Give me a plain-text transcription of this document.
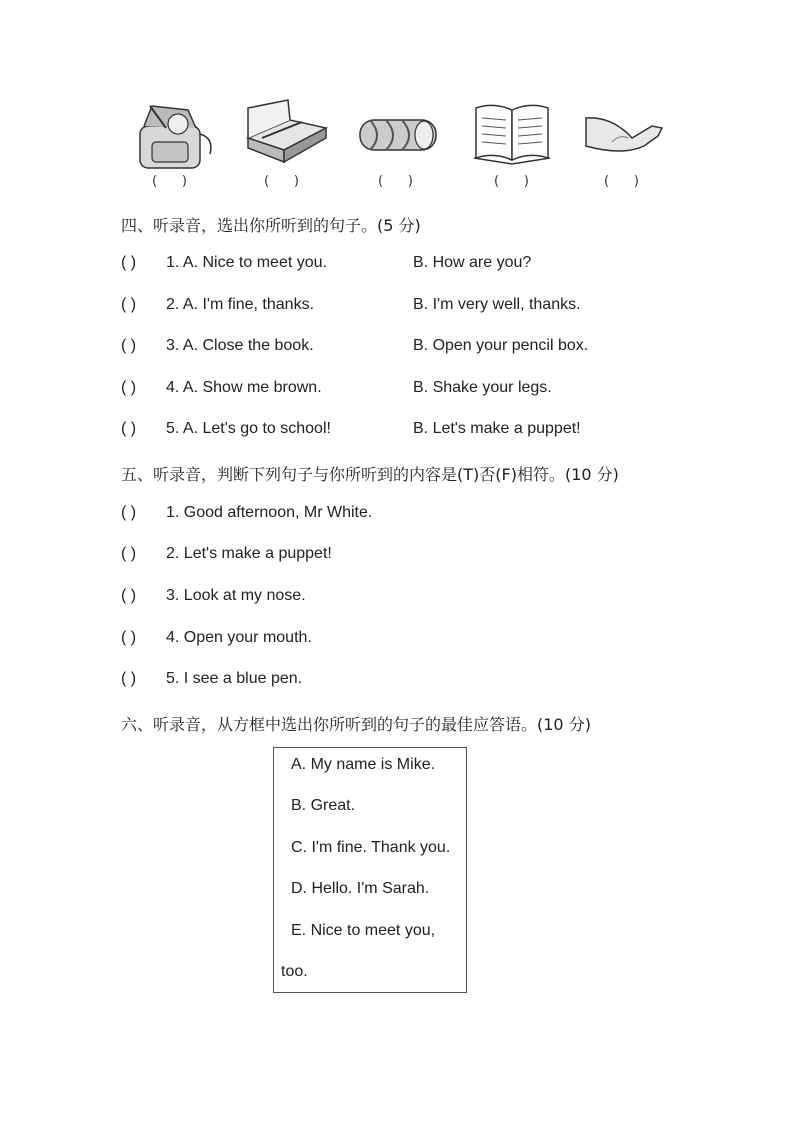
(      )	(      )	(      )	(      )	(      )
四、听录音，选出你所听到的句子。(5 分)
( ) 1. A. Nice to meet you.	B. How are you?
( ) 2. A. I'm fine, thanks.	B. I'm very well, thanks.
( ) 3. A. Close the book.	B. Open your pencil box.
( ) 4. A. Show me brown.	B. Shake your legs.
( ) 5. A. Let's go to school!	B. Let's make a puppet!
五、听录音，判断下列句子与你所听到的内容是(T)否(F)相符。(10 分)
( ) 1. Good afternoon, Mr White.
( ) 2. Let's make a puppet!
( ) 3. Look at my nose.
( ) 4. Open your mouth.
( ) 5. I see a blue pen.
六、听录音，从方框中选出你所听到的句子的最佳应答语。(10 分)
A. My name is Mike.
B. Great.
C. I'm fine. Thank you.
D. Hello. I'm Sarah.
E. Nice to meet you,
too.
